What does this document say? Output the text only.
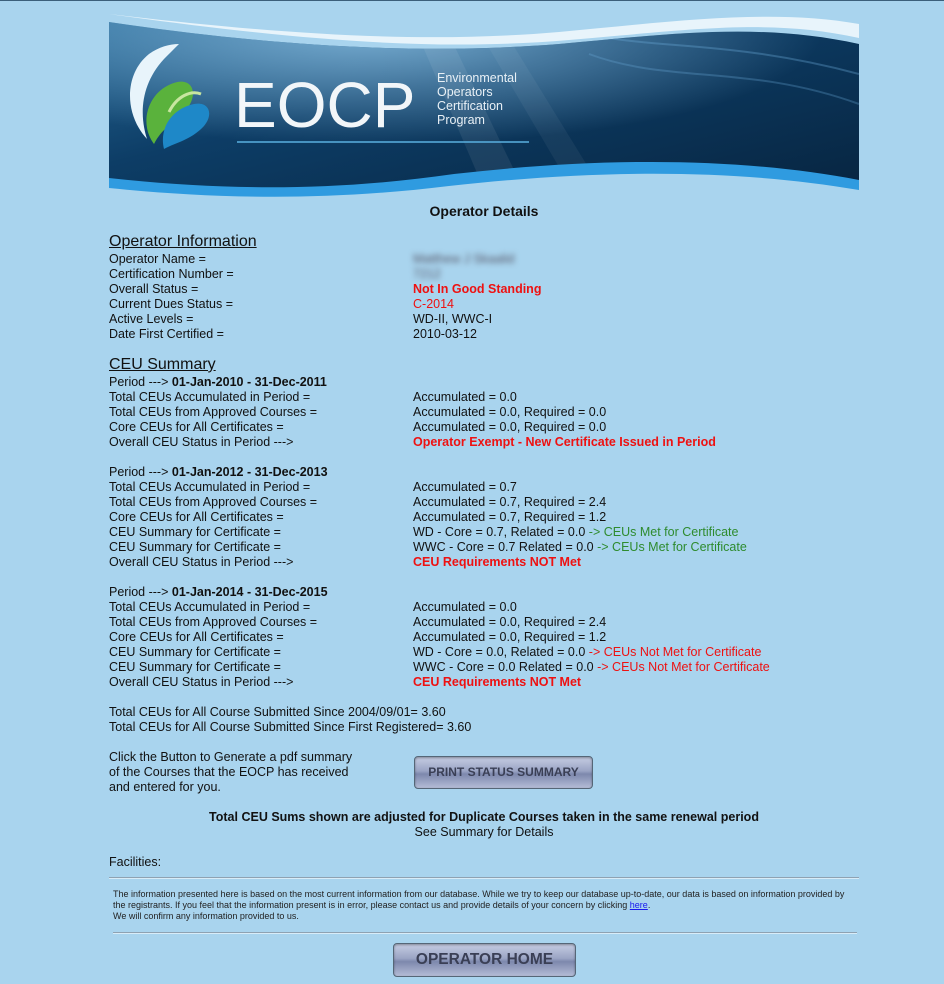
EOCP Environmental
Operators
Certification
Program
Operator Details
Operator Information
Operator Name =	Matthew J Skaalid
Certification Number =	7212
Overall Status =	Not In Good Standing
Current Dues Status =	C-2014
Active Levels =	WD-II, WWC-I
Date First Certified =	2010-03-12
CEU Summary
Period ---> 01-Jan-2010 - 31-Dec-2011
Total CEUs Accumulated in Period =	Accumulated = 0.0
Total CEUs from Approved Courses =	Accumulated = 0.0, Required = 0.0
Core CEUs for All Certificates =	Accumulated = 0.0, Required = 0.0
Overall CEU Status in Period --->	Operator Exempt - New Certificate Issued in Period
Period ---> 01-Jan-2012 - 31-Dec-2013
Total CEUs Accumulated in Period =	Accumulated = 0.7
Total CEUs from Approved Courses =	Accumulated = 0.7, Required = 2.4
Core CEUs for All Certificates =	Accumulated = 0.7, Required = 1.2
CEU Summary for Certificate =	WD - Core = 0.7, Related = 0.0 -> CEUs Met for Certificate
CEU Summary for Certificate =	WWC - Core = 0.7 Related = 0.0 -> CEUs Met for Certificate
Overall CEU Status in Period --->	CEU Requirements NOT Met
Period ---> 01-Jan-2014 - 31-Dec-2015
Total CEUs Accumulated in Period =	Accumulated = 0.0
Total CEUs from Approved Courses =	Accumulated = 0.0, Required = 2.4
Core CEUs for All Certificates =	Accumulated = 0.0, Required = 1.2
CEU Summary for Certificate =	WD - Core = 0.0, Related = 0.0 -> CEUs Not Met for Certificate
CEU Summary for Certificate =	WWC - Core = 0.0 Related = 0.0 -> CEUs Not Met for Certificate
Overall CEU Status in Period --->	CEU Requirements NOT Met
Total CEUs for All Course Submitted Since 2004/09/01= 3.60
Total CEUs for All Course Submitted Since First Registered= 3.60
Click the Button to Generate a pdf summary
of the Courses that the EOCP has received
and entered for you.
PRINT STATUS SUMMARY
Total CEU Sums shown are adjusted for Duplicate Courses taken in the same renewal period
See Summary for Details
Facilities:
The information presented here is based on the most current information from our database. While we try to keep our database up-to-date, our data is based on information provided by the registrants. If you feel that the information present is in error, please contact us and provide details of your concern by clicking here.
We will confirm any information provided to us.
OPERATOR HOME
